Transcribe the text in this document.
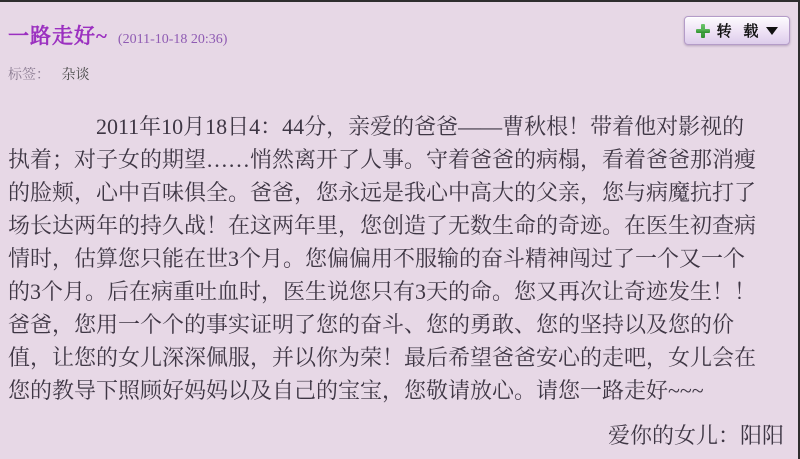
一路走好~ (2011-10-18 20:36)	转 载
标签： 杂谈
2011年10月18日4：44分，亲爱的爸爸——曹秋根！带着他对影视的
执着；对子女的期望……悄然离开了人事。守着爸爸的病榻，看着爸爸那消瘦
的脸颊，心中百味俱全。爸爸，您永远是我心中高大的父亲，您与病魔抗打了
场长达两年的持久战！在这两年里，您创造了无数生命的奇迹。在医生初查病
情时，估算您只能在世3个月。您偏偏用不服输的奋斗精神闯过了一个又一个
的3个月。后在病重吐血时，医生说您只有3天的命。您又再次让奇迹发生！！
爸爸，您用一个个的事实证明了您的奋斗、您的勇敢、您的坚持以及您的价
值，让您的女儿深深佩服，并以你为荣！最后希望爸爸安心的走吧，女儿会在
您的教导下照顾好妈妈以及自己的宝宝，您敬请放心。请您一路走好~~~
爱你的女儿：阳阳
